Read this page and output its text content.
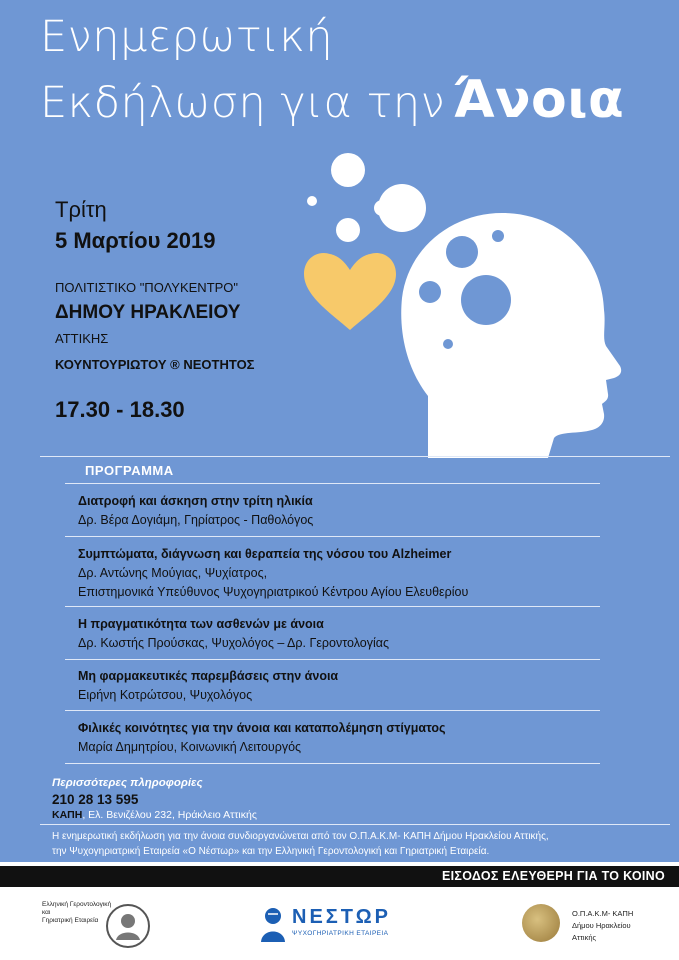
Ενημερωτική
Εκδήλωση για την Άνοια
Τρίτη
5 Μαρτίου 2019
ΠΟΛΙΤΙΣΤΙΚΟ "ΠΟΛΥΚΕΝΤΡΟ"
ΔΗΜΟΥ ΗΡΑΚΛΕΙΟΥ
ΑΤΤΙΚΗΣ
ΚΟΥΝΤΟΥΡΙΩΤΟΥ ® ΝΕΟΤΗΤΟΣ
17.30 - 18.30
ΠΡΟΓΡΑΜΜΑ
Διατροφή και άσκηση στην τρίτη ηλικία
Δρ. Βέρα Δογιάμη, Γηρίατρος - Παθολόγος
Συμπτώματα, διάγνωση και θεραπεία της νόσου του Alzheimer
Δρ. Αντώνης Μούγιας, Ψυχίατρος,
Επιστημονικά Υπεύθυνος Ψυχογηριατρικού Κέντρου Αγίου Ελευθερίου
Η πραγματικότητα των ασθενών με άνοια
Δρ. Κωστής Προύσκας, Ψυχολόγος – Δρ. Γεροντολογίας
Μη φαρμακευτικές παρεμβάσεις στην άνοια
Ειρήνη Κοτρώτσου, Ψυχολόγος
Φιλικές κοινότητες για την άνοια και καταπολέμηση στίγματος
Μαρία Δημητρίου, Κοινωνική Λειτουργός
Περισσότερες πληροφορίες
210 28 13 595
ΚΑΠΗ, Ελ. Βενιζέλου 232, Ηράκλειο Αττικής
Η ενημερωτική εκδήλωση για την άνοια συνδιοργανώνεται από τον Ο.Π.Α.Κ.Μ- ΚΑΠΗ Δήμου Ηρακλείου Αττικής,
την Ψυχογηριατρική Εταιρεία «Ο Νέστωρ» και την Ελληνική Γεροντολογική και Γηριατρική Εταιρεία.
ΕΙΣΟΔΟΣ ΕΛΕΥΘΕΡΗ ΓΙΑ ΤΟ ΚΟΙΝΟ
Ελληνική Γεροντολογική και
Γηριατρική Εταιρεία	ΝΕΣΤΩΡ
ΨΥΧΟΓΗΡΙΑΤΡΙΚΗ ΕΤΑΙΡΕΙΑ
Ο.Π.Α.Κ.Μ- ΚΑΠΗ
Δήμου Ηρακλείου
Αττικής
